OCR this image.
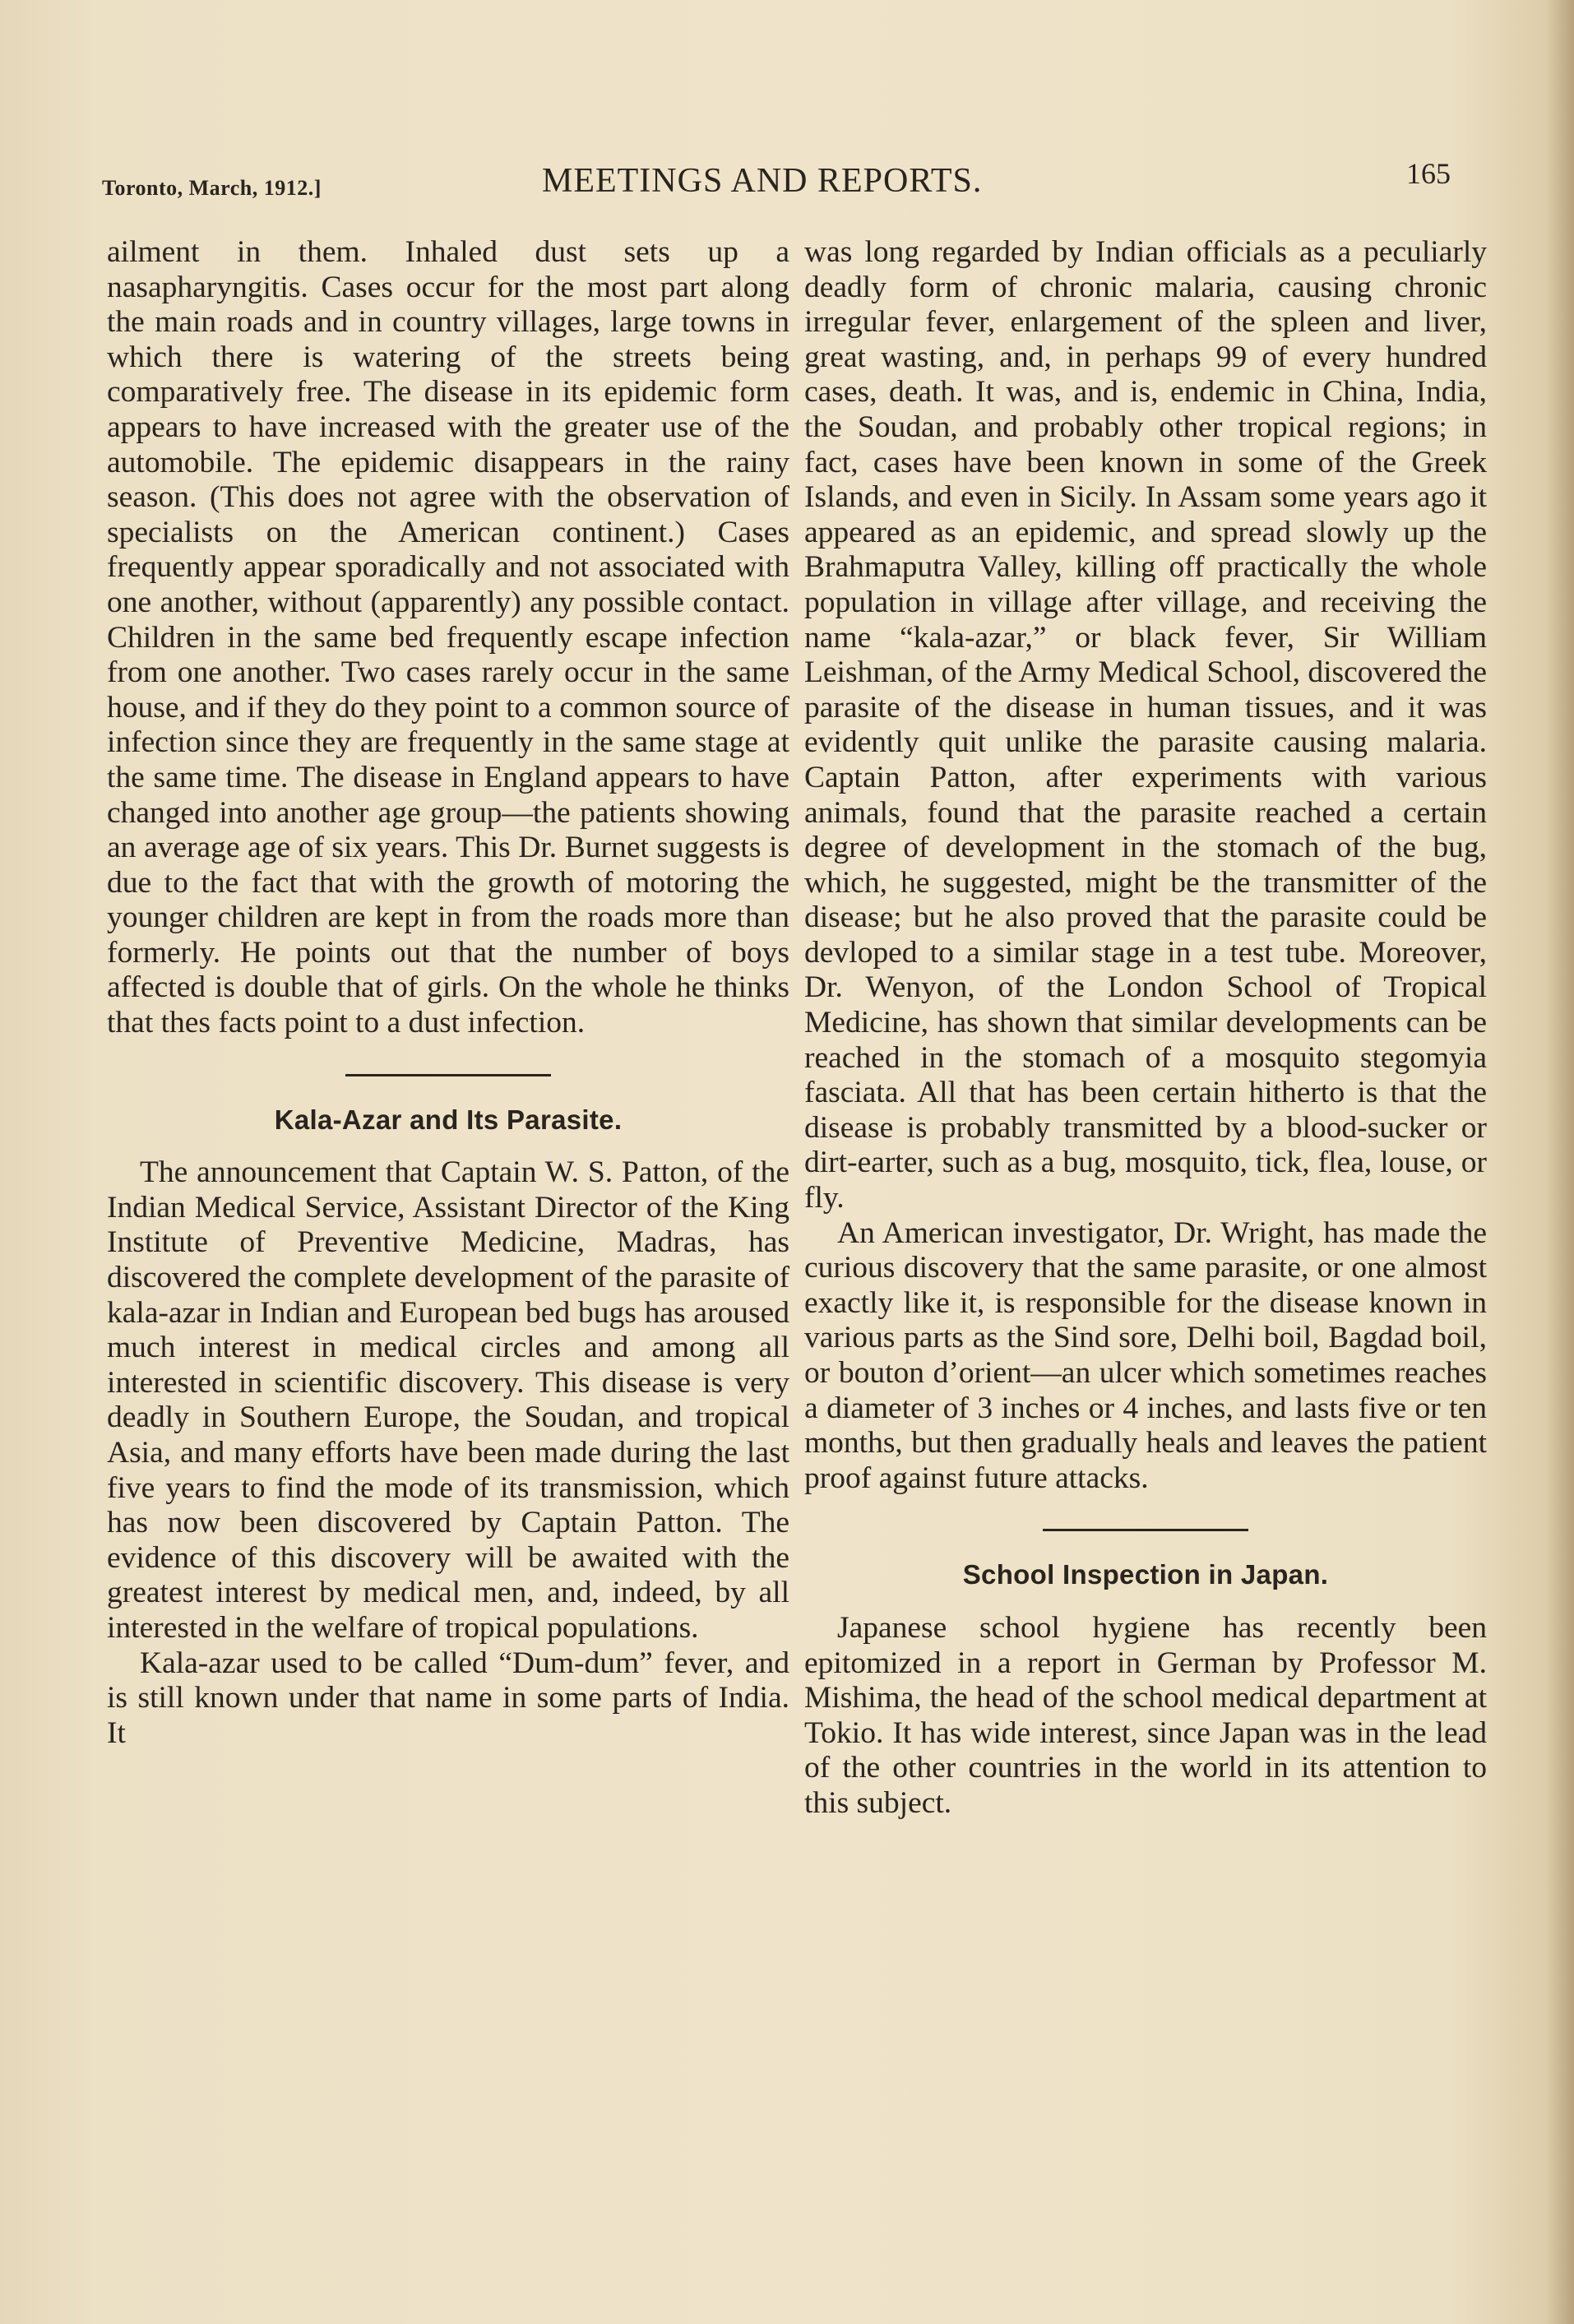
Toronto, March, 1912.]	MEETINGS AND REPORTS.	165

ailment in them. Inhaled dust sets up a nasapharyngitis. Cases occur for the most part along the main roads and in country villages, large towns in which there is watering of the streets being comparatively free. The disease in its epidemic form appears to have increased with the greater use of the automobile. The epidemic disappears in the rainy season. (This does not agree with the observation of specialists on the American continent.) Cases frequently appear sporadically and not associated with one another, without (apparently) any possible contact. Children in the same bed frequently escape infection from one another. Two cases rarely occur in the same house, and if they do they point to a common source of infection since they are frequently in the same stage at the same time. The disease in England appears to have changed into another age group—the patients showing an average age of six years. This Dr. Burnet suggests is due to the fact that with the growth of motoring the younger children are kept in from the roads more than formerly. He points out that the number of boys affected is double that of girls. On the whole he thinks that thes facts point to a dust infection.

Kala-Azar and Its Parasite.

The announcement that Captain W. S. Patton, of the Indian Medical Service, Assistant Director of the King Institute of Preventive Medicine, Madras, has discovered the complete development of the parasite of kala-azar in Indian and European bed bugs has aroused much interest in medical circles and among all interested in scientific discovery. This disease is very deadly in Southern Europe, the Soudan, and tropical Asia, and many efforts have been made during the last five years to find the mode of its transmission, which has now been discovered by Captain Patton. The evidence of this discovery will be awaited with the greatest interest by medical men, and, indeed, by all interested in the welfare of tropical populations.

Kala-azar used to be called “Dum-dum” fever, and is still known under that name in some parts of India. It

was long regarded by Indian officials as a peculiarly deadly form of chronic malaria, causing chronic irregular fever, enlargement of the spleen and liver, great wasting, and, in perhaps 99 of every hundred cases, death. It was, and is, endemic in China, India, the Soudan, and probably other tropical regions; in fact, cases have been known in some of the Greek Islands, and even in Sicily. In Assam some years ago it appeared as an epidemic, and spread slowly up the Brahmaputra Valley, killing off practically the whole population in village after village, and receiving the name “kala-azar,” or black fever, Sir William Leishman, of the Army Medical School, discovered the parasite of the disease in human tissues, and it was evidently quit unlike the parasite causing malaria. Captain Patton, after experiments with various animals, found that the parasite reached a certain degree of development in the stomach of the bug, which, he suggested, might be the transmitter of the disease; but he also proved that the parasite could be devloped to a similar stage in a test tube. Moreover, Dr. Wenyon, of the London School of Tropical Medicine, has shown that similar developments can be reached in the stomach of a mosquito stegomyia fasciata. All that has been certain hitherto is that the disease is probably transmitted by a blood-sucker or dirt-earter, such as a bug, mosquito, tick, flea, louse, or fly.

An American investigator, Dr. Wright, has made the curious discovery that the same parasite, or one almost exactly like it, is responsible for the disease known in various parts as the Sind sore, Delhi boil, Bagdad boil, or bouton d’orient—an ulcer which sometimes reaches a diameter of 3 inches or 4 inches, and lasts five or ten months, but then gradually heals and leaves the patient proof against future attacks.

School Inspection in Japan.

Japanese school hygiene has recently been epitomized in a report in German by Professor M. Mishima, the head of the school medical department at Tokio. It has wide interest, since Japan was in the lead of the other countries in the world in its attention to this subject.
